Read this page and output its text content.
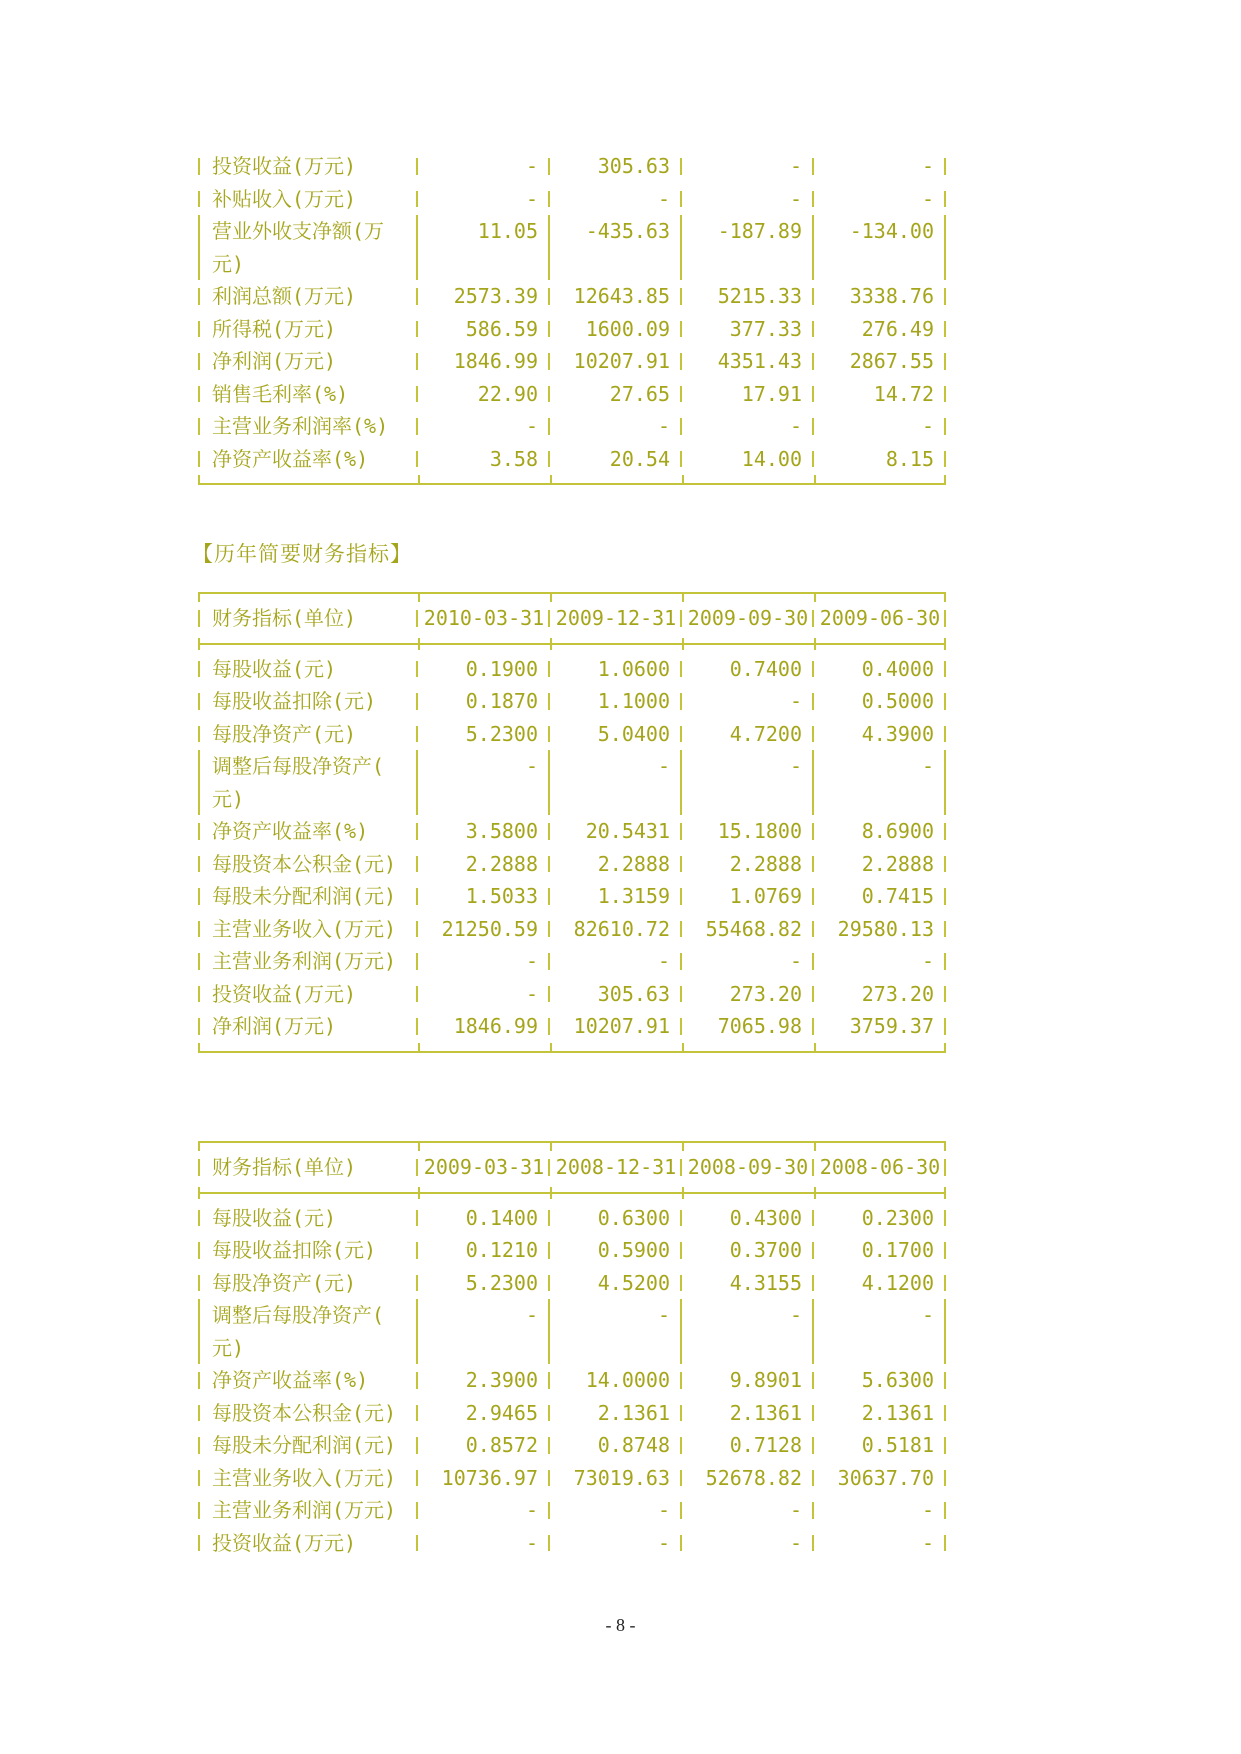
投资收益(万元)	-	305.63	-	-
补贴收入(万元)	-	-	-	-
营业外收支净额(万	11.05	-435.63	-187.89	-134.00
元)
利润总额(万元)	2573.39	12643.85	5215.33	3338.76
所得税(万元)	586.59	1600.09	377.33	276.49
净利润(万元)	1846.99	10207.91	4351.43	2867.55
销售毛利率(%)	22.90	27.65	17.91	14.72
主营业务利润率(%)	-	-	-	-
净资产收益率(%)	3.58	20.54	14.00	8.15
【历年简要财务指标】
财务指标(单位)	2010-03-31 2009-12-31 2009-09-30 2009-06-30
每股收益(元)	0.1900	1.0600	0.7400	0.4000
每股收益扣除(元)	0.1870	1.1000	-	0.5000
每股净资产(元)	5.2300	5.0400	4.7200	4.3900
调整后每股净资产(	-	-	-	-
元)
净资产收益率(%)	3.5800	20.5431	15.1800	8.6900
每股资本公积金(元)	2.2888	2.2888	2.2888	2.2888
每股未分配利润(元)	1.5033	1.3159	1.0769	0.7415
主营业务收入(万元)	21250.59	82610.72	55468.82	29580.13
主营业务利润(万元)	-	-	-	-
投资收益(万元)	-	305.63	273.20	273.20
净利润(万元)	1846.99	10207.91	7065.98	3759.37
财务指标(单位)	2009-03-31 2008-12-31 2008-09-30 2008-06-30
每股收益(元)	0.1400	0.6300	0.4300	0.2300
每股收益扣除(元)	0.1210	0.5900	0.3700	0.1700
每股净资产(元)	5.2300	4.5200	4.3155	4.1200
调整后每股净资产(	-	-	-	-
元)
净资产收益率(%)	2.3900	14.0000	9.8901	5.6300
每股资本公积金(元)	2.9465	2.1361	2.1361	2.1361
每股未分配利润(元)	0.8572	0.8748	0.7128	0.5181
主营业务收入(万元)	10736.97	73019.63	52678.82	30637.70
主营业务利润(万元)	-	-	-	-
投资收益(万元)	-	-	-	-
- 8 -
